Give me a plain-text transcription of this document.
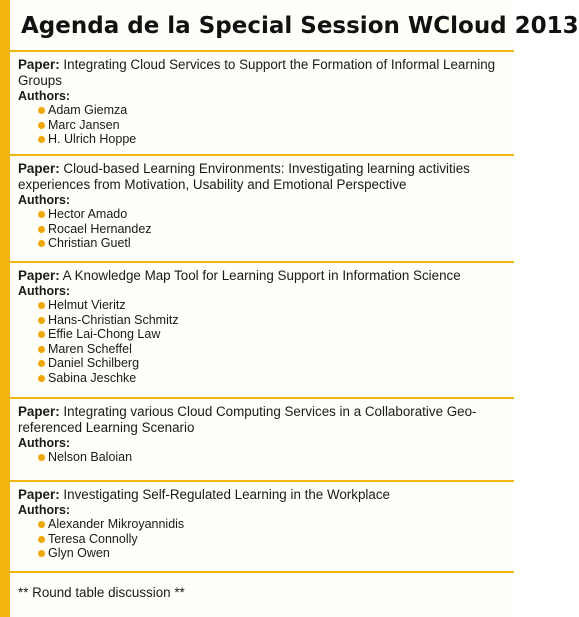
Agenda de la Special Session WCloud 2013

Paper: Integrating Cloud Services to Support the Formation of Informal Learning Groups

Authors:

Adam Giemza
Marc Jansen
H. Ulrich Hoppe

Paper: Cloud-based Learning Environments: Investigating learning activities experiences from Motivation, Usability and Emotional Perspective

Authors:

Hector Amado
Rocael Hernandez
Christian Guetl

Paper: A Knowledge Map Tool for Learning Support in Information Science

Authors:

Helmut Vieritz
Hans-Christian Schmitz
Effie Lai-Chong Law
Maren Scheffel
Daniel Schilberg
Sabina Jeschke

Paper: Integrating various Cloud Computing Services in a Collaborative Geo-referenced Learning Scenario

Authors:

Nelson Baloian

Paper: Investigating Self-Regulated Learning in the Workplace

Authors:

Alexander Mikroyannidis
Teresa Connolly
Glyn Owen
** Round table discussion **
